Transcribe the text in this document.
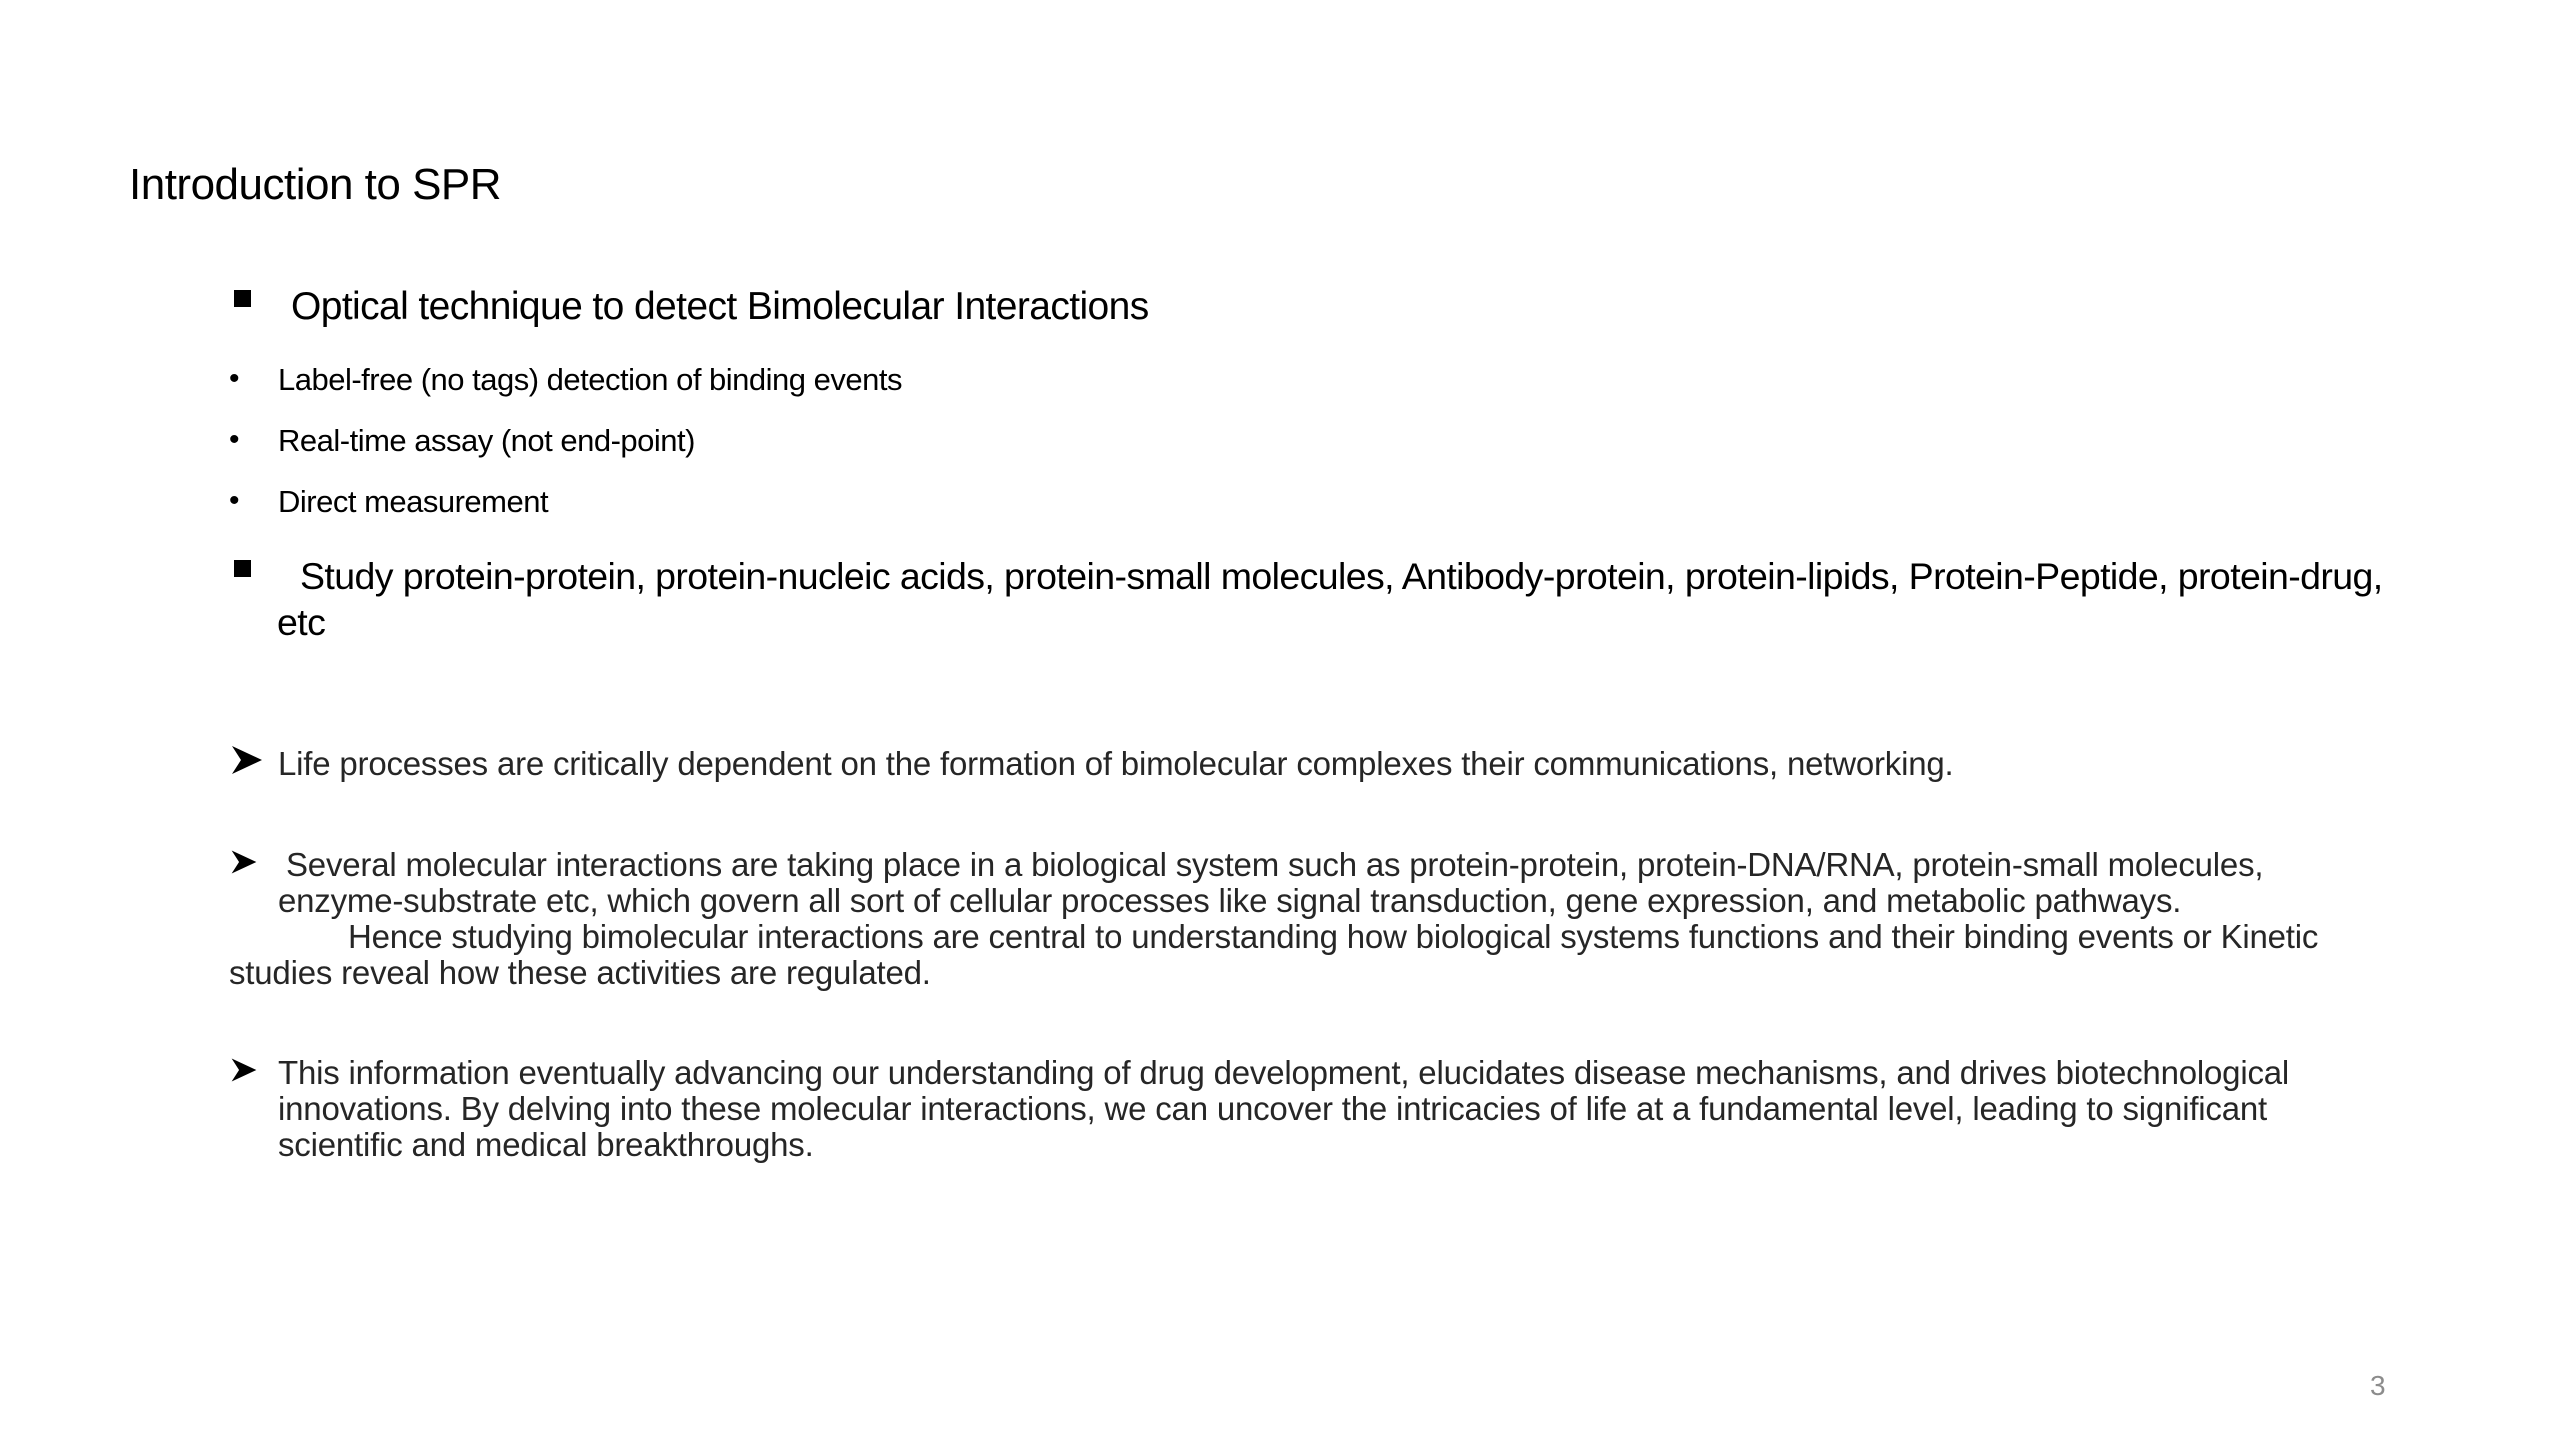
Introduction to SPR
Optical technique to detect Bimolecular Interactions
• Label-free (no tags) detection of binding events
• Real-time assay (not end-point)
• Direct measurement
Study protein-protein, protein-nucleic acids, protein-small molecules, Antibody-protein, protein-lipids, Protein-Peptide, protein-drug,
etc
Life processes are critically dependent on the formation of bimolecular complexes their communications, networking.
Several molecular interactions are taking place in a biological system such as protein-protein, protein-DNA/RNA, protein-small molecules,
enzyme-substrate etc, which govern all sort of cellular processes like signal transduction, gene expression, and metabolic pathways.
Hence studying bimolecular interactions are central to understanding how biological systems functions and their binding events or Kinetic
studies reveal how these activities are regulated.
This information eventually advancing our understanding of drug development, elucidates disease mechanisms, and drives biotechnological
innovations. By delving into these molecular interactions, we can uncover the intricacies of life at a fundamental level, leading to significant
scientific and medical breakthroughs.
3
